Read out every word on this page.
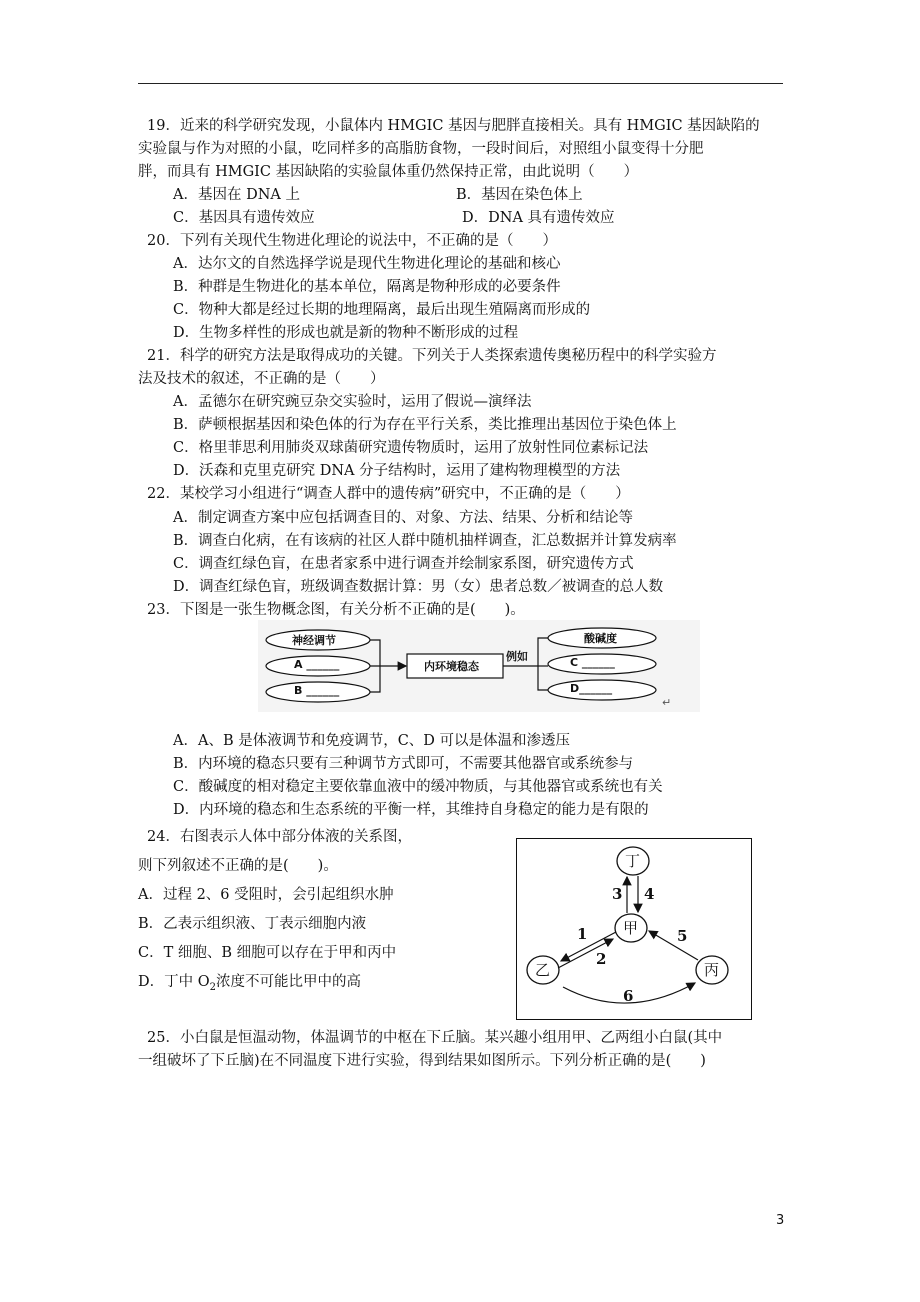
19．近来的科学研究发现，小鼠体内 HMGIC 基因与肥胖直接相关。具有 HMGIC 基因缺陷的
实验鼠与作为对照的小鼠，吃同样多的高脂肪食物，一段时间后，对照组小鼠变得十分肥
胖，而具有 HMGIC 基因缺陷的实验鼠体重仍然保持正常，由此说明（　　）
A．基因在 DNA 上	B．基因在染色体上
C．基因具有遗传效应	D．DNA 具有遗传效应
20．下列有关现代生物进化理论的说法中，不正确的是（　　）
A．达尔文的自然选择学说是现代生物进化理论的基础和核心
B．种群是生物进化的基本单位，隔离是物种形成的必要条件
C．物种大都是经过长期的地理隔离，最后出现生殖隔离而形成的
D．生物多样性的形成也就是新的物种不断形成的过程
21．科学的研究方法是取得成功的关键。下列关于人类探索遗传奥秘历程中的科学实验方
法及技术的叙述，不正确的是（　　）
A．孟德尔在研究豌豆杂交实验时，运用了假说—演绎法
B．萨顿根据基因和染色体的行为存在平行关系，类比推理出基因位于染色体上
C．格里菲思利用肺炎双球菌研究遗传物质时，运用了放射性同位素标记法
D．沃森和克里克研究 DNA 分子结构时，运用了建构物理模型的方法
22．某校学习小组进行“调查人群中的遗传病”研究中，不正确的是（　　）
A．制定调查方案中应包括调查目的、对象、方法、结果、分析和结论等
B．调查白化病，在有该病的社区人群中随机抽样调查，汇总数据并计算发病率
C．调查红绿色盲，在患者家系中进行调查并绘制家系图，研究遗传方式
D．调查红绿色盲，班级调查数据计算：男（女）患者总数／被调查的总人数
23．下图是一张生物概念图，有关分析不正确的是(　　)。
神经调节
A ______
B ______
内环境稳态
例如
酸碱度
C ______
D______
↵
A．A、B 是体液调节和免疫调节，C、D 可以是体温和渗透压
B．内环境的稳态只要有三种调节方式即可，不需要其他器官或系统参与
C．酸碱度的相对稳定主要依靠血液中的缓冲物质，与其他器官或系统也有关
D．内环境的稳态和生态系统的平衡一样，其维持自身稳定的能力是有限的
24．右图表示人体中部分体液的关系图，
则下列叙述不正确的是(　　)。
A．过程 2、6 受阻时，会引起组织水肿
B．乙表示组织液、丁表示细胞内液
C．T 细胞、B 细胞可以存在于甲和丙中
D．丁中 $O_2$浓度不可能比甲中的高
丁
甲
乙	丙
3 4
1
2
5
6
25．小白鼠是恒温动物，体温调节的中枢在下丘脑。某兴趣小组用甲、乙两组小白鼠(其中
一组破坏了下丘脑)在不同温度下进行实验，得到结果如图所示。下列分析正确的是(　　)
3
